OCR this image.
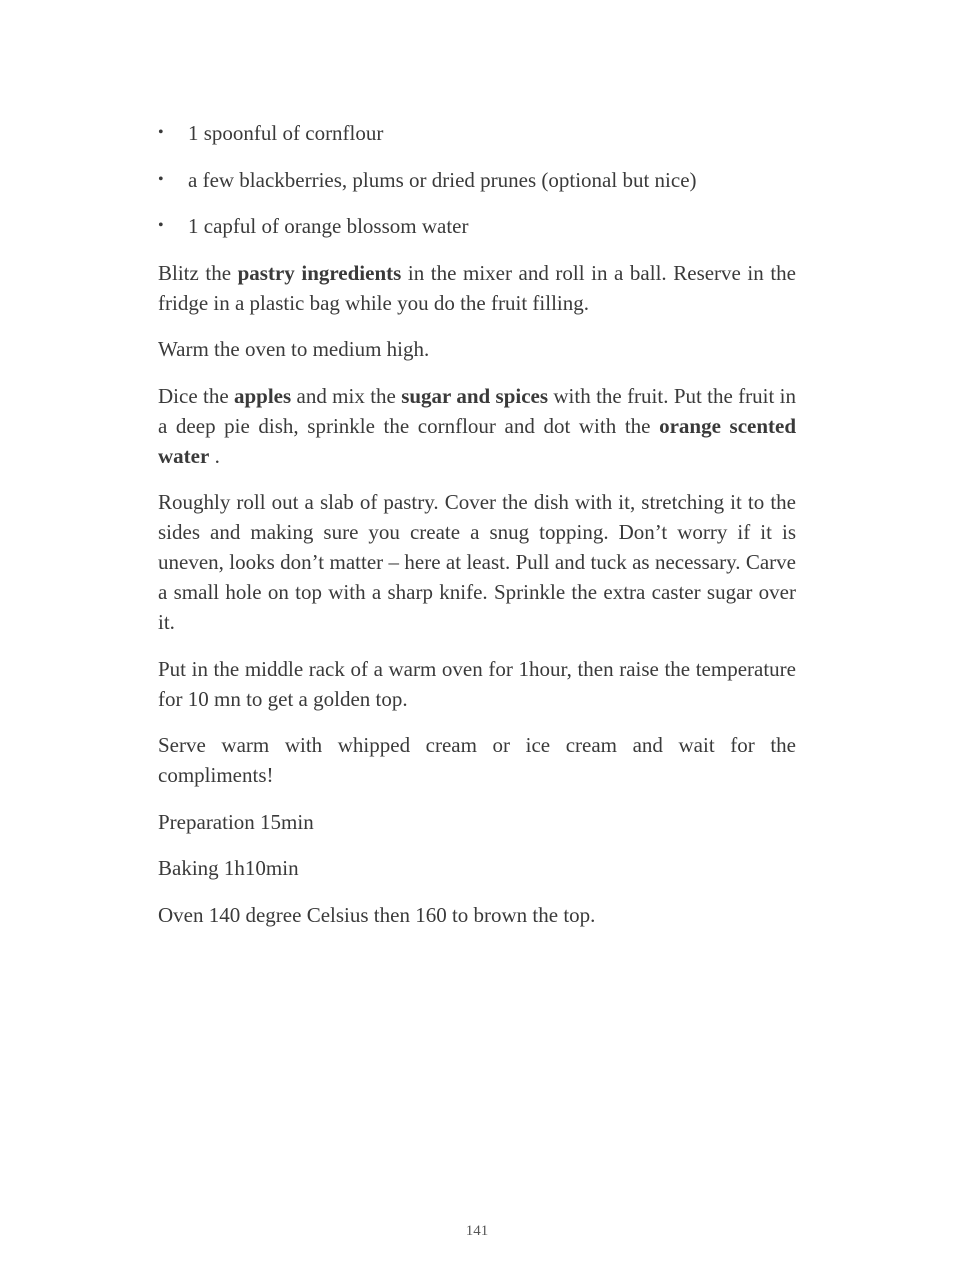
• 1 spoonful of cornflour
• a few blackberries, plums or dried prunes (optional but nice)
• 1 capful of orange blossom water

Blitz the pastry ingredients in the mixer and roll in a ball. Reserve in the fridge in a plastic bag while you do the fruit filling.

Warm the oven to medium high.

Dice the apples and mix the sugar and spices with the fruit. Put the fruit in a deep pie dish, sprinkle the cornflour and dot with the orange scented water .

Roughly roll out a slab of pastry. Cover the dish with it, stretching it to the sides and making sure you create a snug topping. Don’t worry if it is uneven, looks don’t matter – here at least. Pull and tuck as necessary. Carve a small hole on top with a sharp knife. Sprinkle the extra caster sugar over it.

Put in the middle rack of a warm oven for 1hour, then raise the temperature for 10 mn to get a golden top.

Serve warm with whipped cream or ice cream and wait for the compliments!

Preparation 15min

Baking 1h10min

Oven 140 degree Celsius then 160 to brown the top.

141
